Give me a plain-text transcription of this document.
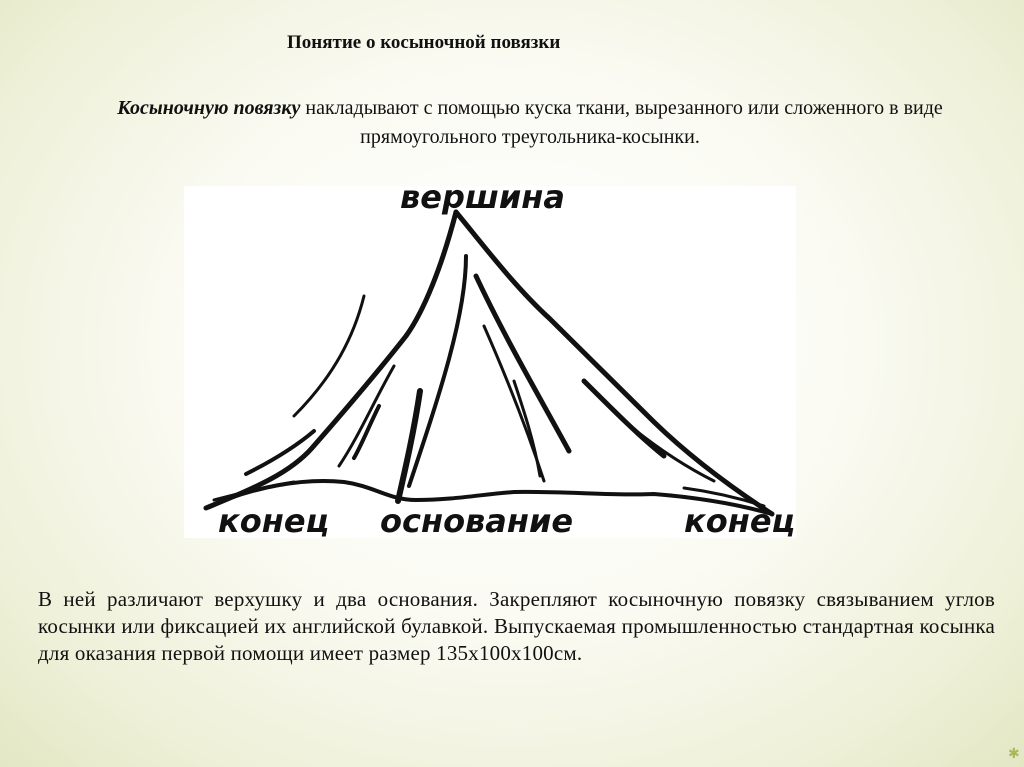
Понятие о косыночной повязки
Косыночную повязку накладывают с помощью куска ткани, вырезанного или сложенного в виде прямоугольного треугольника-косынки.
вершина
конец основание	конец
В ней различают верхушку и два основания. Закрепляют косыночную повязку связыванием углов косынки или фиксацией их английской булавкой. Выпускаемая промышленностью стандартная косынка для оказания первой помощи имеет размер 135x100x100см.
✱
